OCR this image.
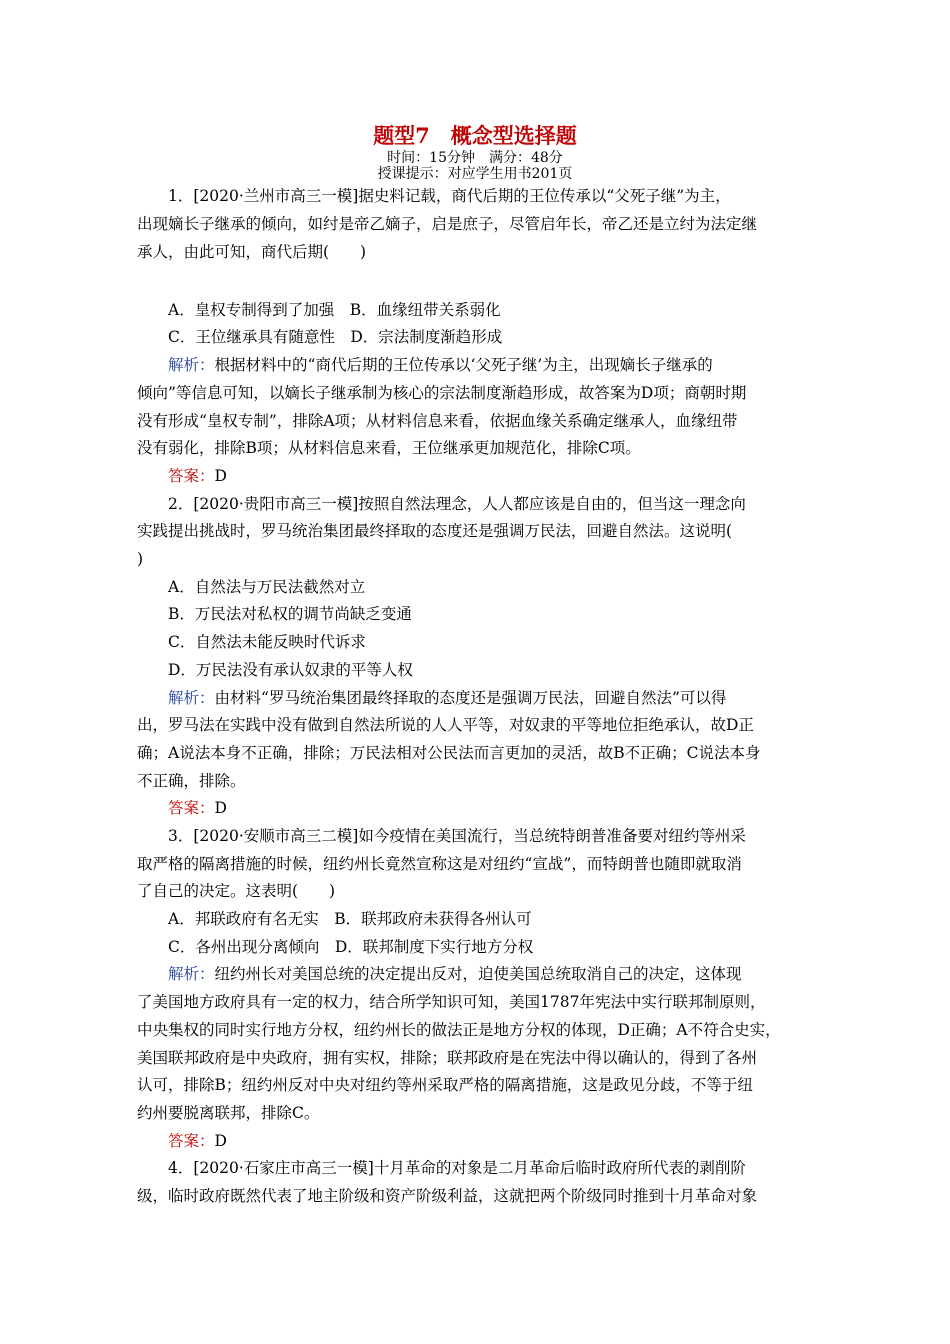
题型7　概念型选择题
时间：15分钟　满分：48分
授课提示：对应学生用书201页
1．[2020·兰州市高三一模]据史料记载，商代后期的王位传承以“父死子继”为主，
出现嫡长子继承的倾向，如纣是帝乙嫡子，启是庶子，尽管启年长，帝乙还是立纣为法定继
承人，由此可知，商代后期(　　)
A．皇权专制得到了加强　B．血缘纽带关系弱化
C．王位继承具有随意性　D．宗法制度渐趋形成
解析：根据材料中的“商代后期的王位传承以‘父死子继’为主，出现嫡长子继承的
倾向”等信息可知，以嫡长子继承制为核心的宗法制度渐趋形成，故答案为D项；商朝时期
没有形成“皇权专制”，排除A项；从材料信息来看，依据血缘关系确定继承人，血缘纽带
没有弱化，排除B项；从材料信息来看，王位继承更加规范化，排除C项。
答案：D
2．[2020·贵阳市高三一模]按照自然法理念，人人都应该是自由的，但当这一理念向
实践提出挑战时，罗马统治集团最终择取的态度还是强调万民法，回避自然法。这说明(
)
A．自然法与万民法截然对立
B．万民法对私权的调节尚缺乏变通
C．自然法未能反映时代诉求
D．万民法没有承认奴隶的平等人权
解析：由材料“罗马统治集团最终择取的态度还是强调万民法，回避自然法”可以得
出，罗马法在实践中没有做到自然法所说的人人平等，对奴隶的平等地位拒绝承认，故D正
确；A说法本身不正确，排除；万民法相对公民法而言更加的灵活，故B不正确；C说法本身
不正确，排除。
答案：D
3．[2020·安顺市高三二模]如今疫情在美国流行，当总统特朗普准备要对纽约等州采
取严格的隔离措施的时候，纽约州长竟然宣称这是对纽约“宣战”，而特朗普也随即就取消
了自己的决定。这表明(　　)
A．邦联政府有名无实　B．联邦政府未获得各州认可
C．各州出现分离倾向　D．联邦制度下实行地方分权
解析：纽约州长对美国总统的决定提出反对，迫使美国总统取消自己的决定，这体现
了美国地方政府具有一定的权力，结合所学知识可知，美国1787年宪法中实行联邦制原则，
中央集权的同时实行地方分权，纽约州长的做法正是地方分权的体现，D正确；A不符合史实，
美国联邦政府是中央政府，拥有实权，排除；联邦政府是在宪法中得以确认的，得到了各州
认可，排除B；纽约州反对中央对纽约等州采取严格的隔离措施，这是政见分歧，不等于纽
约州要脱离联邦，排除C。
答案：D
4．[2020·石家庄市高三一模]十月革命的对象是二月革命后临时政府所代表的剥削阶
级，临时政府既然代表了地主阶级和资产阶级利益，这就把两个阶级同时推到十月革命对象
